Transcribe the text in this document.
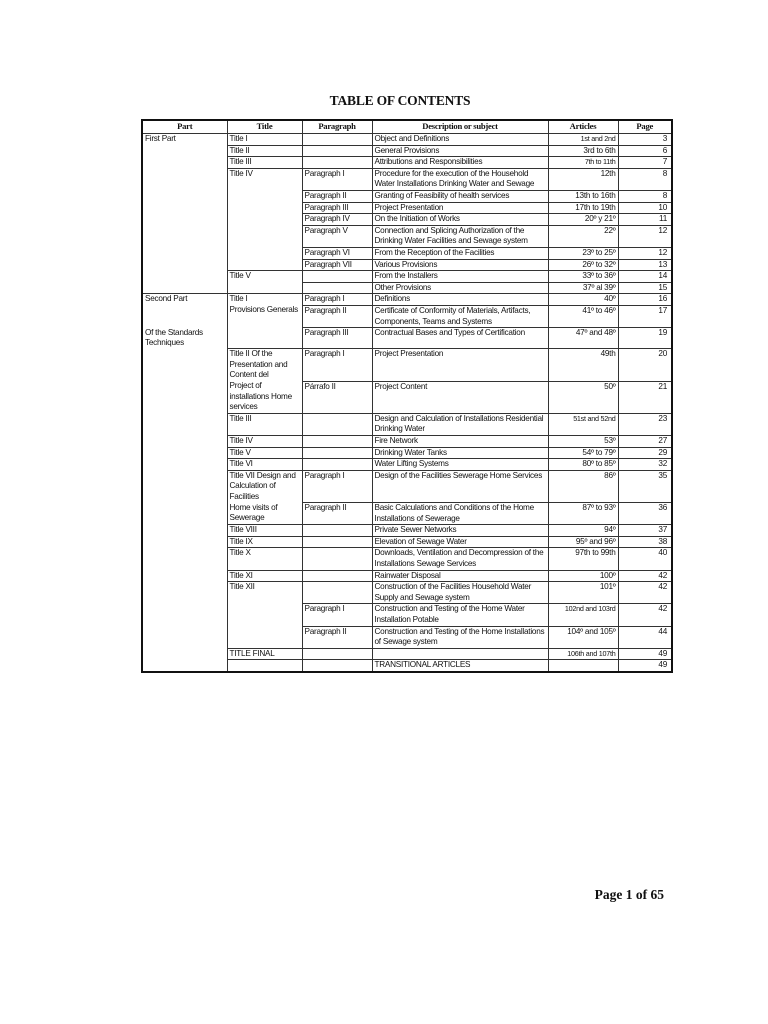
TABLE OF CONTENTS
Part	Title	Paragraph	Description or subject	Articles	Page
First Part	Title I		Object and Definitions	1st and 2nd	3
	Title II		General Provisions	3rd to 6th	6
	Title III		Attributions and Responsibilities	7th to 11th	7
	Title IV	Paragraph I	Procedure for the execution of the Household Water Installations Drinking Water and Sewage	12th	8
		Paragraph II	Granting of Feasibility of health services	13th to 16th	8
		Paragraph III	Project Presentation	17th to 19th	10
		Paragraph IV	On the Initiation of Works	20º y 21º	11
		Paragraph V	Connection and Splicing Authorization of the Drinking Water Facilities and Sewage system	22º	12
		Paragraph VI	From the Reception of the Facilities	23º to 25º	12
		Paragraph VII	Various Provisions	26º to 32º	13
	Title V		From the Installers	33º to 36º	14
			Other Provisions	37º al 39º	15
Second Part	Title I	Paragraph I	Definitions	40º	16
	Provisions Generals	Paragraph II	Certificate of Conformity of Materials, Artifacts, Components, Teams and Systems	41º to 46º	17
Of the Standards Techniques		Paragraph III	Contractual Bases and Types of Certification	47º and 48º	19
	Title II Of the Presentation and Content del	Paragraph I	Project Presentation	49th	20
	Project of installations Home services	Párrafo II	Project Content	50º	21
	Title III		Design and Calculation of Installations Residential Drinking Water	51st and 52nd	23
	Title IV		Fire Network	53º	27
	Title V		Drinking Water Tanks	54º to 79º	29
	Title VI		Water Lifting Systems	80º to 85º	32
	Title VII Design and Calculation of Facilities	Paragraph I	Design of the Facilities Sewerage Home Services	86º	35
	Home visits of Sewerage	Paragraph II	Basic Calculations and Conditions of the Home Installations of Sewerage	87º to 93º	36
	Title VIII		Private Sewer Networks	94º	37
	Title IX		Elevation of Sewage Water	95º and 96º	38
	Title X		Downloads, Ventilation and Decompression of the Installations Sewage Services	97th to 99th	40
	Title XI		Rainwater Disposal	100º	42
	Title XII		Construction of the Facilities Household Water Supply and Sewage system	101º	42
		Paragraph I	Construction and Testing of the Home Water Installation Potable	102nd and 103rd	42
		Paragraph II	Construction and Testing of the Home Installations of Sewage system	104º and 105º	44
	TITLE FINAL			106th and 107th	49
			TRANSITIONAL ARTICLES		49
Page 1 of 65
